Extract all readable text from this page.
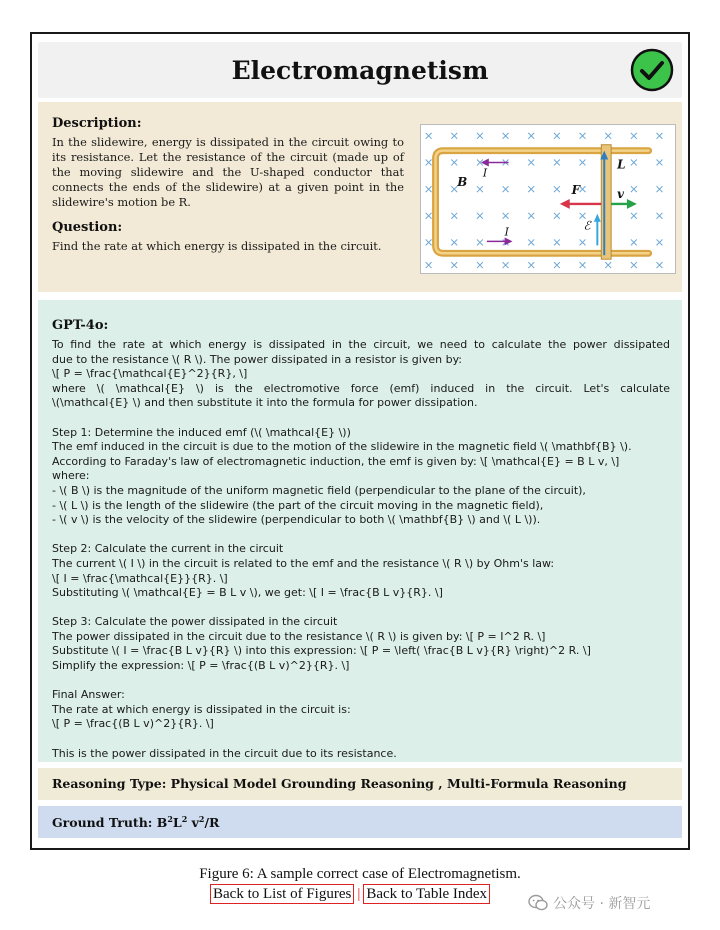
Electromagnetism
Description:
In the slidewire, energy is dissipated in the circuit owing to
its resistance. Let the resistance of the circuit (made up of
the moving slidewire and the U-shaped conductor that
connects the ends of the slidewire) at a given point in the
slidewire's motion be R.
Question:
Find the rate at which energy is dissipated in the circuit.
B
I
I
L
F	v
ℰ
GPT-4o:
To find the rate at which energy is dissipated in the circuit, we need to calculate the power dissipated
due to the resistance \( R \). The power dissipated in a resistor is given by:
\[ P = \frac{\mathcal{E}^2}{R}, \]
where \( \mathcal{E} \) is the electromotive force (emf) induced in the circuit. Let's calculate
\(\mathcal{E} \) and then substitute it into the formula for power dissipation.
Step 1: Determine the induced emf (\( \mathcal{E} \))
The emf induced in the circuit is due to the motion of the slidewire in the magnetic field \( \mathbf{B} \).
According to Faraday's law of electromagnetic induction, the emf is given by: \[ \mathcal{E} = B L v, \]
where:
- \( B \) is the magnitude of the uniform magnetic field (perpendicular to the plane of the circuit),
- \( L \) is the length of the slidewire (the part of the circuit moving in the magnetic field),
- \( v \) is the velocity of the slidewire (perpendicular to both \( \mathbf{B} \) and \( L \)).
Step 2: Calculate the current in the circuit
The current \( I \) in the circuit is related to the emf and the resistance \( R \) by Ohm's law:
\[ I = \frac{\mathcal{E}}{R}. \]
Substituting \( \mathcal{E} = B L v \), we get: \[ I = \frac{B L v}{R}. \]
Step 3: Calculate the power dissipated in the circuit
The power dissipated in the circuit due to the resistance \( R \) is given by: \[ P = I^2 R. \]
Substitute \( I = \frac{B L v}{R} \) into this expression: \[ P = \left( \frac{B L v}{R} \right)^2 R. \]
Simplify the expression: \[ P = \frac{(B L v)^2}{R}. \]
Final Answer:
The rate at which energy is dissipated in the circuit is:
\[ P = \frac{(B L v)^2}{R}. \]
This is the power dissipated in the circuit due to its resistance.
Reasoning Type: Physical Model Grounding Reasoning , Multi-Formula Reasoning
Ground Truth: $B^2L^2$ $v^2/R$
Figure 6: A sample correct case of Electromagnetism.
Back to List of Figures | Back to Table Index
公众号 · 新智元
